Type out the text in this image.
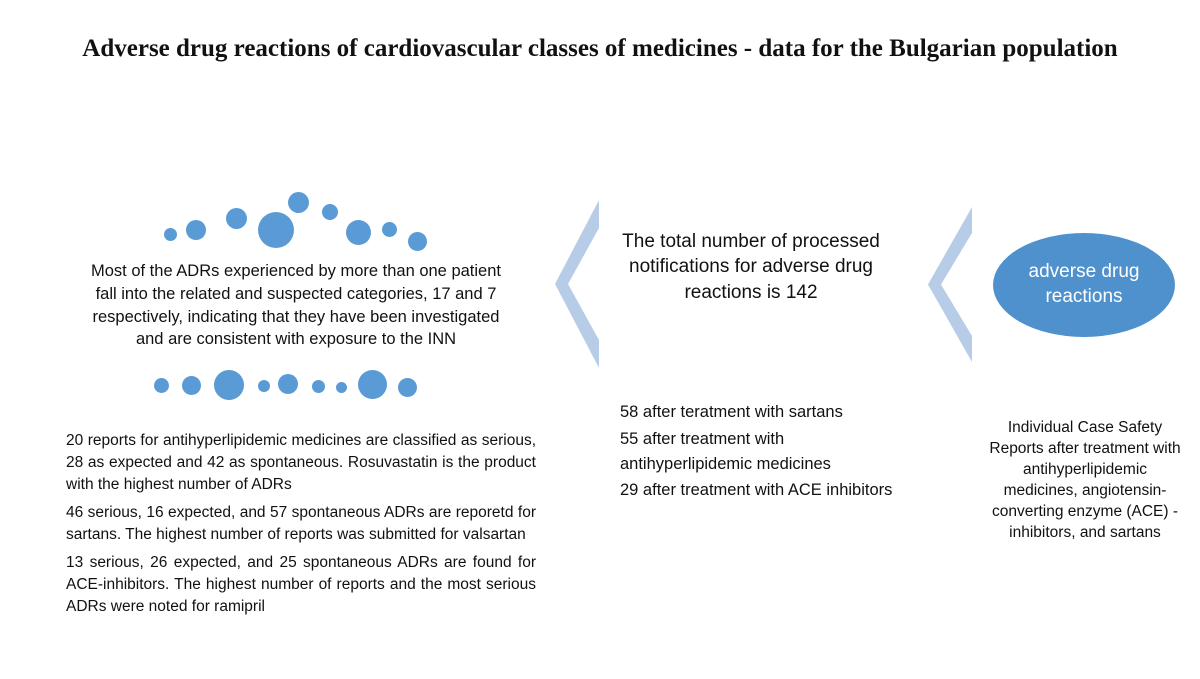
Adverse drug reactions of cardiovascular classes of medicines - data for the Bulgarian population
adverse drug reactions
Individual Case Safety Reports after treatment with antihyperlipidemic medicines, angiotensin-converting enzyme (ACE) - inhibitors, and sartans
The total number of processed notifications for adverse drug reactions is 142
58 after teratment with sartans
55 after treatment with antihyperlipidemic medicines
29 after treatment with ACE inhibitors
Most of the ADRs experienced by more than one patient fall into the related and suspected categories, 17 and 7 respectively, indicating that they have been investigated and are consistent with exposure to the INN

20 reports for antihyperlipidemic medicines are classified as serious, 28 as expected and 42 as spontaneous. Rosuvastatin is the product with the highest number of ADRs

46 serious, 16 expected, and 57 spontaneous ADRs are reporetd for sartans. The highest number of reports was submitted for valsartan

13 serious, 26 expected, and 25 spontaneous ADRs are found for ACE-inhibitors. The highest number of reports and the most serious ADRs were noted for ramipril
